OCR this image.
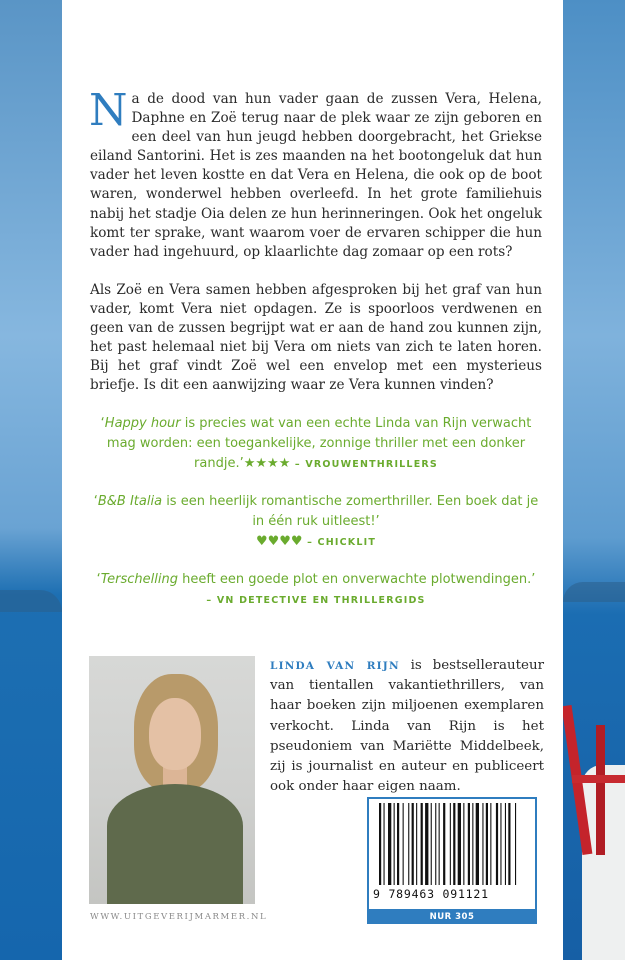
Na de dood van hun vader gaan de zussen Vera, Helena, Daphne en Zoë terug naar de plek waar ze zijn geboren en een deel van hun jeugd hebben doorgebracht, het Griekse eiland Santorini. Het is zes maanden na het bootongeluk dat hun vader het leven kostte en dat Vera en Helena, die ook op de boot waren, wonderwel hebben overleefd. In het grote familiehuis nabij het stadje Oia delen ze hun herinneringen. Ook het ongeluk komt ter sprake, want waarom voer de ervaren schipper die hun vader had ingehuurd, op klaarlichte dag zomaar op een rots?

Als Zoë en Vera samen hebben afgesproken bij het graf van hun vader, komt Vera niet opdagen. Ze is spoorloos verdwenen en geen van de zussen begrijpt wat er aan de hand zou kunnen zijn, het past helemaal niet bij Vera om niets van zich te laten horen. Bij het graf vindt Zoë wel een envelop met een mysterieus briefje. Is dit een aanwijzing waar ze Vera kunnen vinden?

‘Happy hour is precies wat van een echte Linda van Rijn verwacht mag worden: een toegankelijke, zonnige thriller met een donker randje.’★★★★ – VROUWENTHRILLERS
‘B&B Italia is een heerlijk romantische zomerthriller. Een boek dat je in één ruk uitleest!’
♥♥♥♥ – CHICKLIT
‘Terschelling heeft een goede plot en onverwachte plotwendingen.’
– VN DETECTIVE EN THRILLERGIDS
LINDA VAN RIJN is bestsellerauteur van tientallen vakantiethrillers, van haar boeken zijn miljoenen exemplaren verkocht. Linda van Rijn is het pseudoniem van Mariëtte Middelbeek, zij is journalist en auteur en publiceert ook onder haar eigen naam.
WWW.UITGEVERIJMARMER.NL
9 789463 091121
NUR 305
